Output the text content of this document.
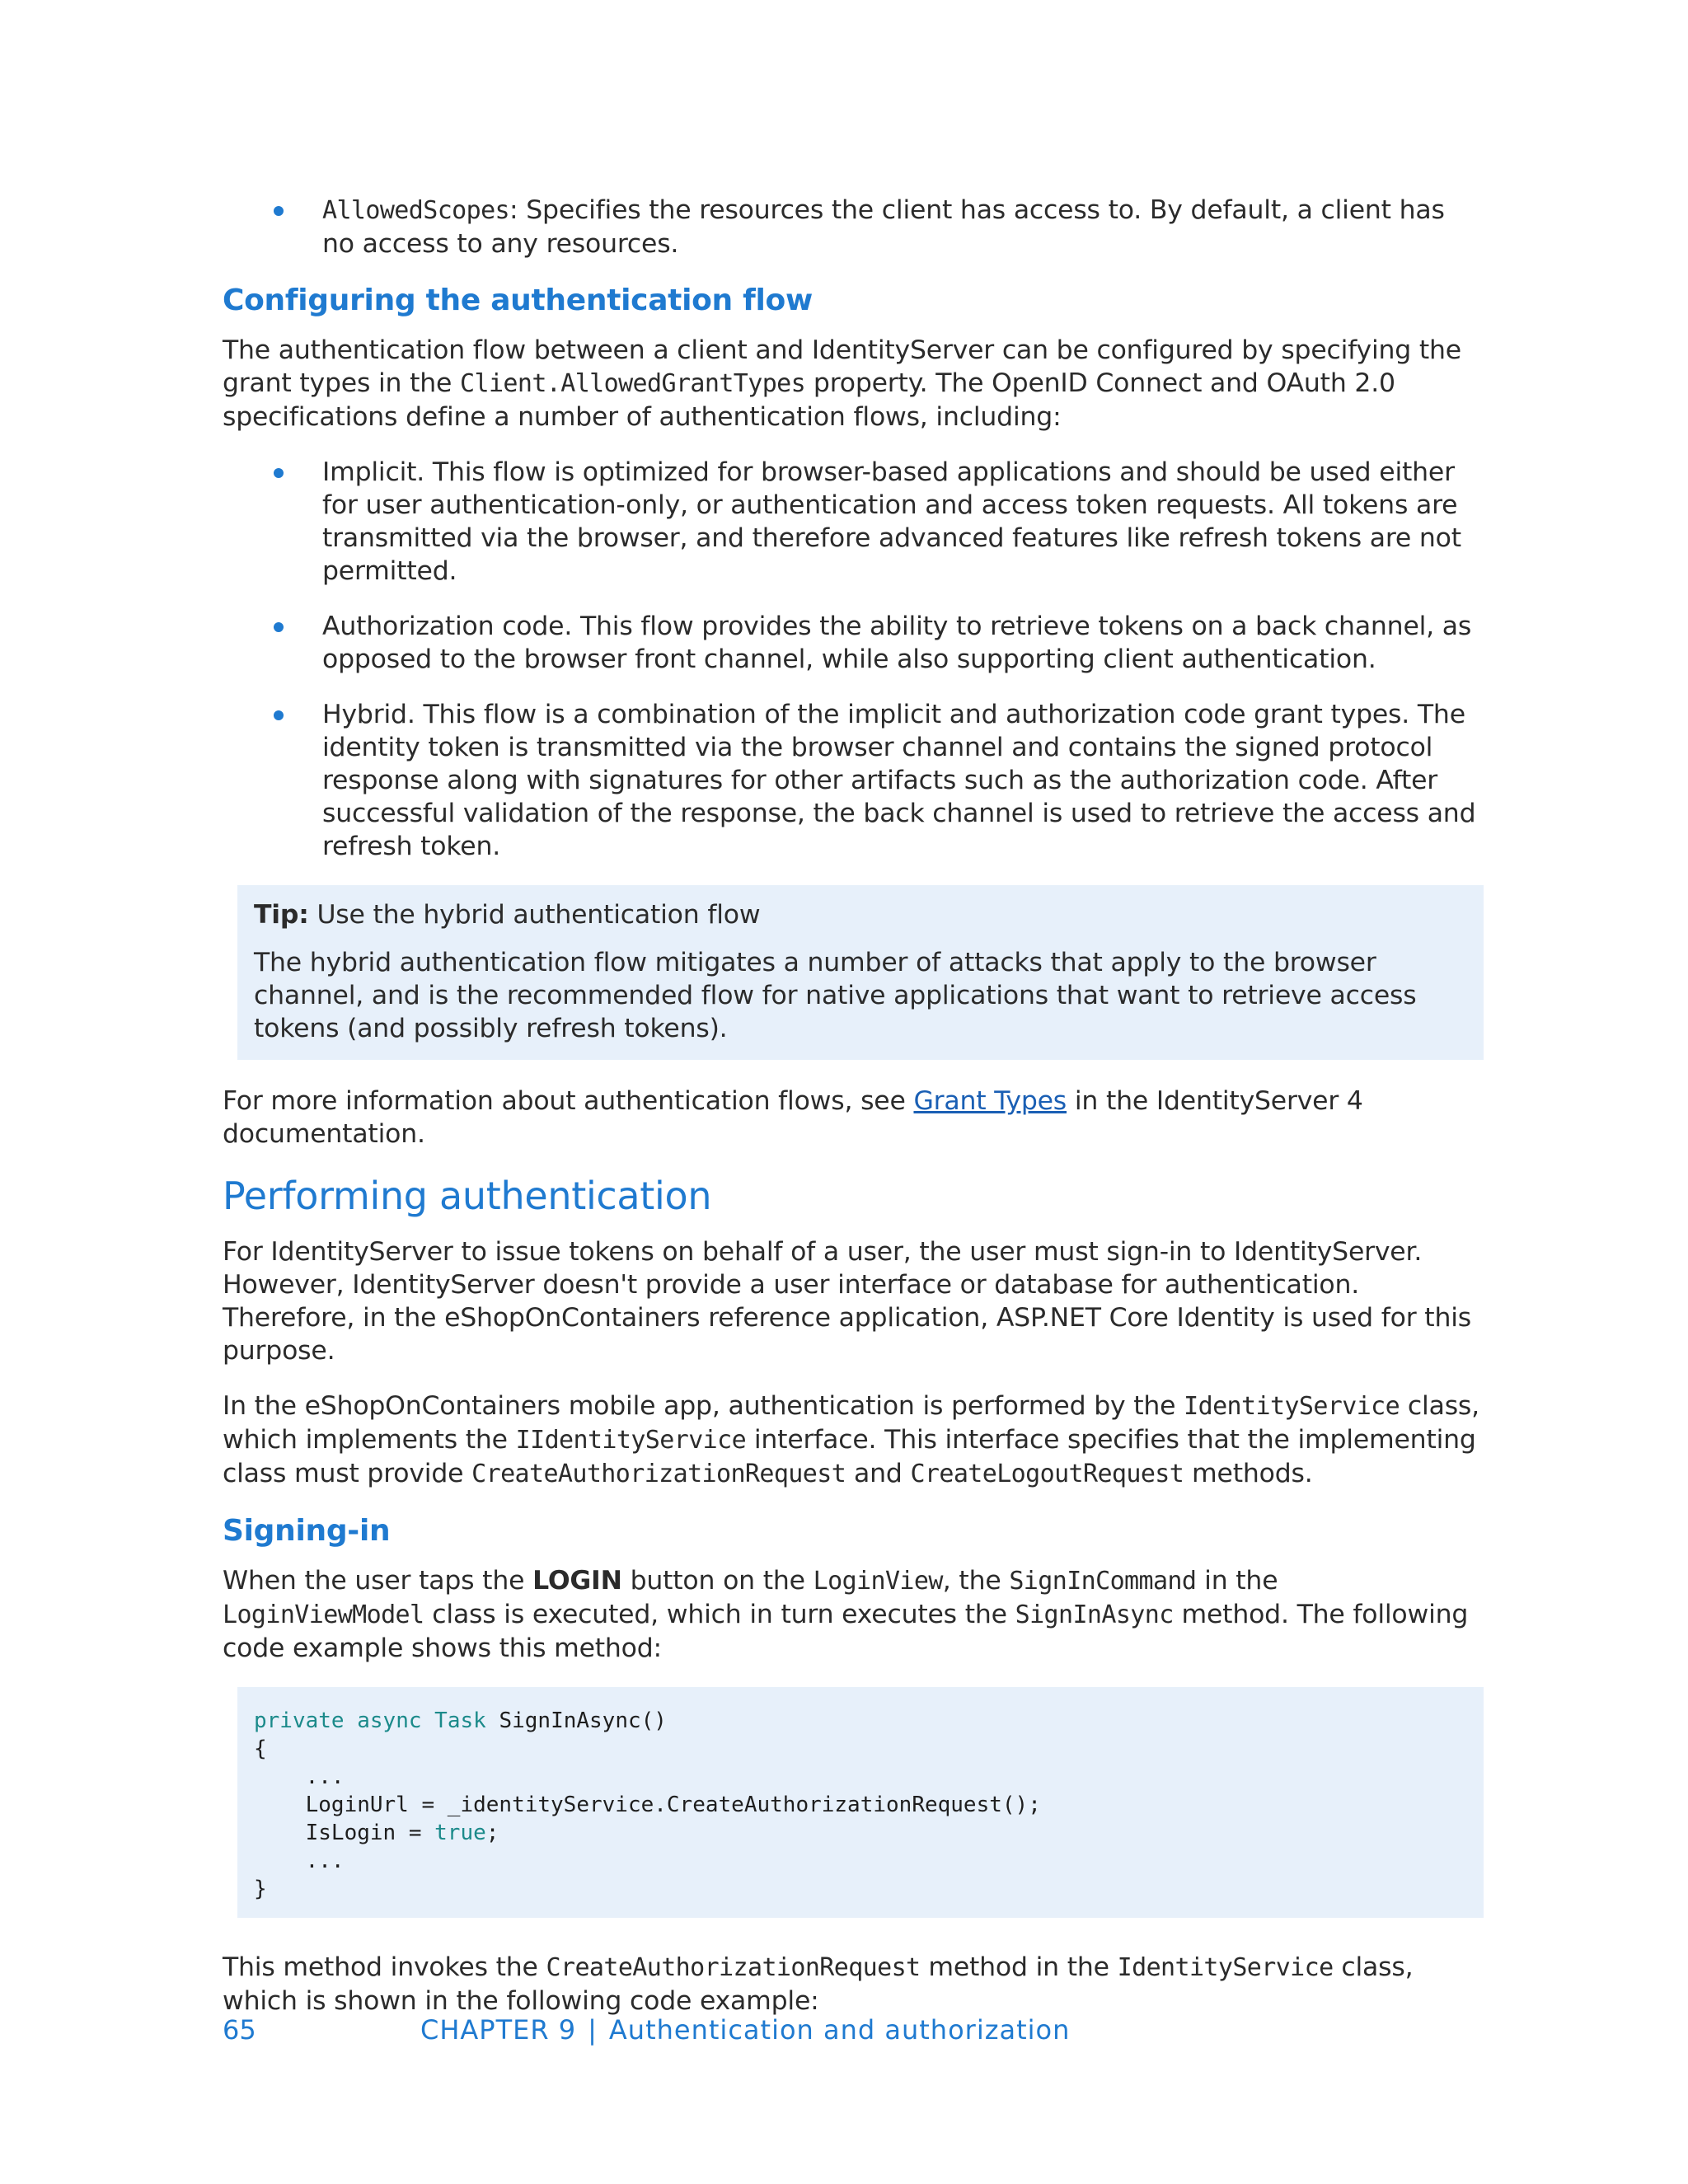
AllowedScopes: Specifies the resources the client has access to. By default, a client has no access to any resources.
Configuring the authentication flow

The authentication flow between a client and IdentityServer can be configured by specifying the grant types in the Client.AllowedGrantTypes property. The OpenID Connect and OAuth 2.0 specifications define a number of authentication flows, including:

Implicit. This flow is optimized for browser-based applications and should be used either for user authentication-only, or authentication and access token requests. All tokens are transmitted via the browser, and therefore advanced features like refresh tokens are not permitted.
Authorization code. This flow provides the ability to retrieve tokens on a back channel, as opposed to the browser front channel, while also supporting client authentication.
Hybrid. This flow is a combination of the implicit and authorization code grant types. The identity token is transmitted via the browser channel and contains the signed protocol response along with signatures for other artifacts such as the authorization code. After successful validation of the response, the back channel is used to retrieve the access and refresh token.

Tip: Use the hybrid authentication flow

The hybrid authentication flow mitigates a number of attacks that apply to the browser channel, and is the recommended flow for native applications that want to retrieve access tokens (and possibly refresh tokens).

For more information about authentication flows, see Grant Types in the IdentityServer 4 documentation.

Performing authentication

For IdentityServer to issue tokens on behalf of a user, the user must sign-in to IdentityServer. However, IdentityServer doesn't provide a user interface or database for authentication. Therefore, in the eShopOnContainers reference application, ASP.NET Core Identity is used for this purpose.

In the eShopOnContainers mobile app, authentication is performed by the IdentityService class, which implements the IIdentityService interface. This interface specifies that the implementing class must provide CreateAuthorizationRequest and CreateLogoutRequest methods.

Signing-in

When the user taps the LOGIN button on the LoginView, the SignInCommand in the LoginViewModel class is executed, which in turn executes the SignInAsync method. The following code example shows this method:

private async Task SignInAsync()
{
...
LoginUrl = _identityService.CreateAuthorizationRequest();
IsLogin = true;
...
}

This method invokes the CreateAuthorizationRequest method in the IdentityService class, which is shown in the following code example:

65	CHAPTER 9 | Authentication and authorization
